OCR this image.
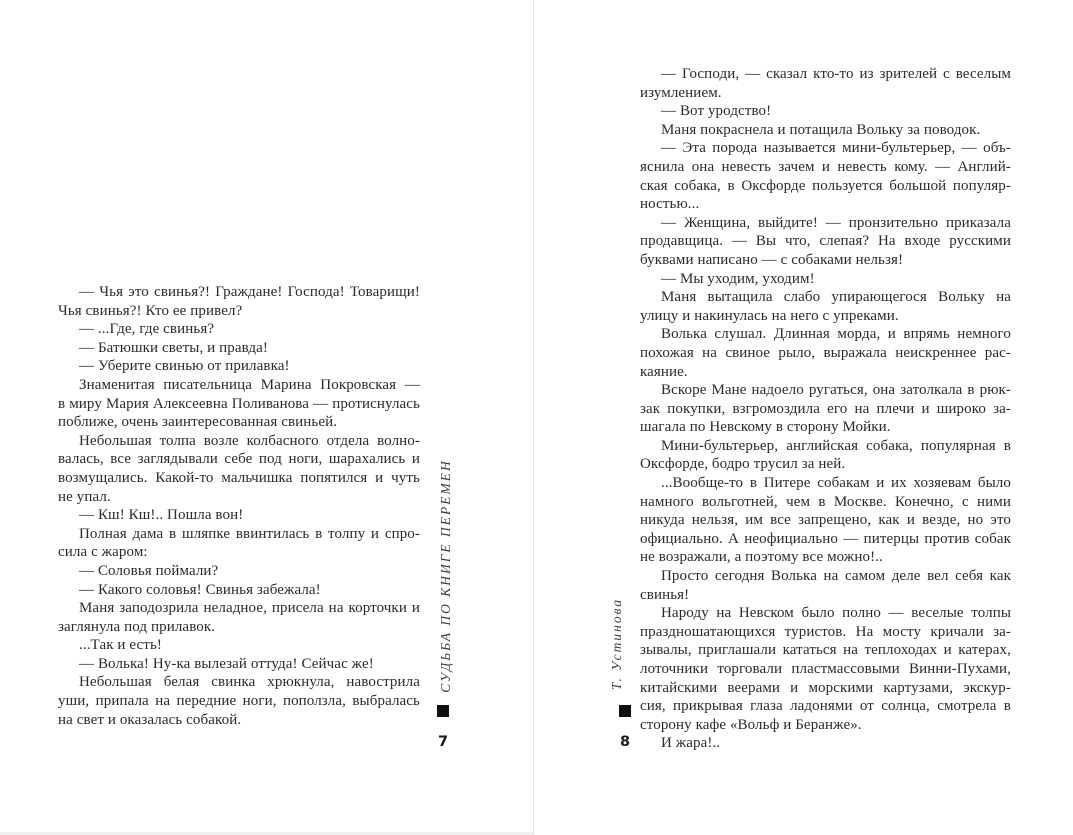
— Чья это свинья?! Граждане! Господа! Товарищи!
Чья свинья?! Кто ее привел?
— ...Где, где свинья?
— Батюшки светы, и правда!
— Уберите свинью от прилавка!
Знаменитая писательница Марина Покровская —
в миру Мария Алексеевна Поливанова — протиснулась
поближе, очень заинтересованная свиньей.
Небольшая толпа возле колбасного отдела волно-
валась, все заглядывали себе под ноги, шарахались и
возмущались. Какой-то мальчишка попятился и чуть
не упал.
— Кш! Кш!.. Пошла вон!
Полная дама в шляпке ввинтилась в толпу и спро-
сила с жаром:
— Соловья поймали?
— Какого соловья! Свинья забежала!
Маня заподозрила неладное, присела на корточки и
заглянула под прилавок.
...Так и есть!
— Волька! Ну-ка вылезай оттуда! Сейчас же!
Небольшая белая свинка хрюкнула, навострила
уши, припала на передние ноги, поползла, выбралась
на свет и оказалась собакой.
СУДЬБА ПО КНИГЕ ПЕРЕМЕН
7
— Господи, — сказал кто-то из зрителей с веселым
изумлением.
— Вот уродство!
Маня покраснела и потащила Вольку за поводок.
— Эта порода называется мини-бультерьер, — объ-
яснила она невесть зачем и невесть кому. — Англий-
ская собака, в Оксфорде пользуется большой популяр-
ностью...
— Женщина, выйдите! — пронзительно приказала
продавщица. — Вы что, слепая? На входе русскими
буквами написано — с собаками нельзя!
— Мы уходим, уходим!
Маня вытащила слабо упирающегося Вольку на
улицу и накинулась на него с упреками.
Волька слушал. Длинная морда, и впрямь немного
похожая на свиное рыло, выражала неискреннее рас-
каяние.
Вскоре Мане надоело ругаться, она затолкала в рюк-
зак покупки, взгромоздила его на плечи и широко за-
шагала по Невскому в сторону Мойки.
Мини-бультерьер, английская собака, популярная в
Оксфорде, бодро трусил за ней.
...Вообще-то в Питере собакам и их хозяевам было
намного вольготней, чем в Москве. Конечно, с ними
никуда нельзя, им все запрещено, как и везде, но это
официально. А неофициально — питерцы против собак
не возражали, а поэтому все можно!..
Просто сегодня Волька на самом деле вел себя как
свинья!
Народу на Невском было полно — веселые толпы
праздношатающихся туристов. На мосту кричали за-
зывалы, приглашали кататься на теплоходах и катерах,
лоточники торговали пластмассовыми Винни-Пухами,
китайскими веерами и морскими картузами, экскур-
сия, прикрывая глаза ладонями от солнца, смотрела в
сторону кафе «Вольф и Беранже».
И жара!..
Т. Устинова
8
